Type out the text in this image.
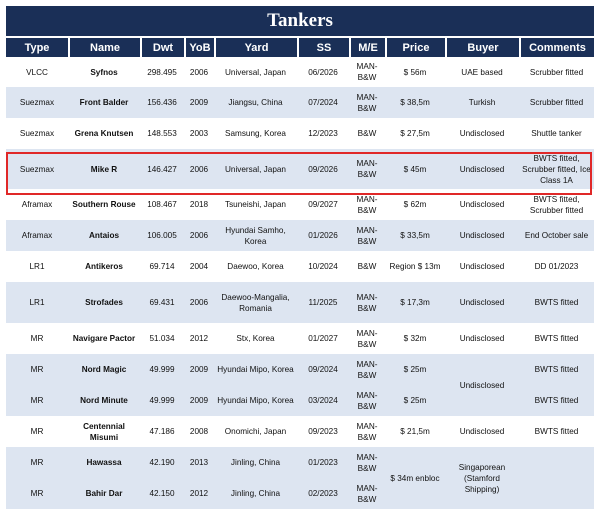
Tankers
Type	Name	Dwt	YoB	Yard	SS	M/E	Price	Buyer	Comments
VLCC	Syfnos	298.495	2006	Universal, Japan	06/2026	MAN-B&W	$ 56m	UAE based	Scrubber fitted
Suezmax	Front Balder	156.436	2009	Jiangsu, China	07/2024	MAN-B&W	$ 38,5m	Turkish	Scrubber fitted
Suezmax	Grena Knutsen	148.553	2003	Samsung, Korea	12/2023	B&W	$ 27,5m	Undisclosed	Shuttle tanker
Suezmax	Mike R	146.427	2006	Universal, Japan	09/2026	MAN-B&W	$ 45m	Undisclosed	BWTS fitted, Scrubber fitted, Ice Class 1A
Aframax	Southern Rouse	108.467	2018	Tsuneishi, Japan	09/2027	MAN-B&W	$ 62m	Undisclosed	BWTS fitted, Scrubber fitted
Aframax	Antaios	106.005	2006	Hyundai Samho, Korea	01/2026	MAN-B&W	$ 33,5m	Undisclosed	End October sale
LR1	Antikeros	69.714	2004	Daewoo, Korea	10/2024	B&W	Region $ 13m	Undisclosed	DD 01/2023
LR1	Strofades	69.431	2006	Daewoo-Mangalia, Romania	11/2025	MAN-B&W	$ 17,3m	Undisclosed	BWTS fitted
MR	Navigare Pactor	51.034	2012	Stx, Korea	01/2027	MAN-B&W	$ 32m	Undisclosed	BWTS fitted
MR	Nord Magic	49.999	2009	Hyundai Mipo, Korea	09/2024	MAN-B&W	$ 25m	Undisclosed	BWTS fitted
MR	Nord Minute	49.999	2009	Hyundai Mipo, Korea	03/2024	MAN-B&W	$ 25m		BWTS fitted
MR	Centennial Misumi	47.186	2008	Onomichi, Japan	09/2023	MAN-B&W	$ 21,5m	Undisclosed	BWTS fitted
MR	Hawassa	42.190	2013	Jinling, China	01/2023	MAN-B&W	$ 34m enbloc	Singaporean (Stamford Shipping)	
MR	Bahir Dar	42.150	2012	Jinling, China	02/2023	MAN-B&W			
